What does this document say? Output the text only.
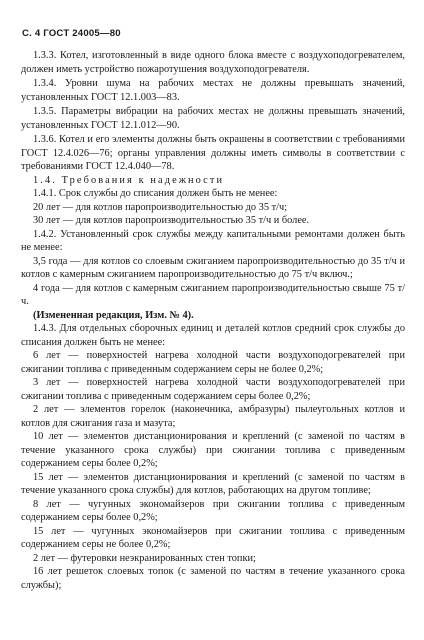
С. 4 ГОСТ 24005—80

1.3.3. Котел, изготовленный в виде одного блока вместе с воздухоподогревателем, должен иметь устройство пожаротушения воздухоподогревателя.

1.3.4. Уровни шума на рабочих местах не должны превышать значений, установленных ГОСТ 12.1.003—83.

1.3.5. Параметры вибрации на рабочих местах не должны превышать значений, установленных ГОСТ 12.1.012—90.

1.3.6. Котел и его элементы должны быть окрашены в соответствии с требованиями ГОСТ 12.4.026—76; органы управления должны иметь символы в соответствии с требованиями ГОСТ 12.4.040—78.

1.4. Требования к надежности

1.4.1. Срок службы до списания должен быть не менее:

20 лет — для котлов паропроизводительностью до 35 т/ч;

30 лет — для котлов паропроизводительностью 35 т/ч и более.

1.4.2. Установленный срок службы между капитальными ремонтами должен быть не менее:

3,5 года — для котлов со слоевым сжиганием паропроизводительностью до 35 т/ч и котлов с камерным сжиганием паропроизводительностью до 75 т/ч включ.;

4 года — для котлов с камерным сжиганием паропроизводительностью свыше 75 т/ч.

(Измененная редакция, Изм. № 4).

1.4.3. Для отдельных сборочных единиц и деталей котлов средний срок службы до списания должен быть не менее:

6 лет — поверхностей нагрева холодной части воздухоподогревателей при сжигании топлива с приведенным содержанием серы не более 0,2%;

3 лет — поверхностей нагрева холодной части воздухоподогревателей при сжигании топлива с приведенным содержанием серы более 0,2%;

2 лет — элементов горелок (наконечника, амбразуры) пылеугольных котлов и котлов для сжигания газа и мазута;

10 лет — элементов дистанционирования и креплений (с заменой по частям в течение указанного срока службы) при сжигании топлива с приведенным содержанием серы более 0,2%;

15 лет — элементов дистанционирования и креплений (с заменой по частям в течение указанного срока службы) для котлов, работающих на другом топливе;

8 лет — чугунных экономайзеров при сжигании топлива с приведенным содержанием серы более 0,2%;

15 лет — чугунных экономайзеров при сжигании топлива с приведенным содержанием серы не более 0,2%;

2 лет — футеровки неэкранированных стен топки;

16 лет решеток слоевых топок (с заменой по частям в течение указанного срока службы);
